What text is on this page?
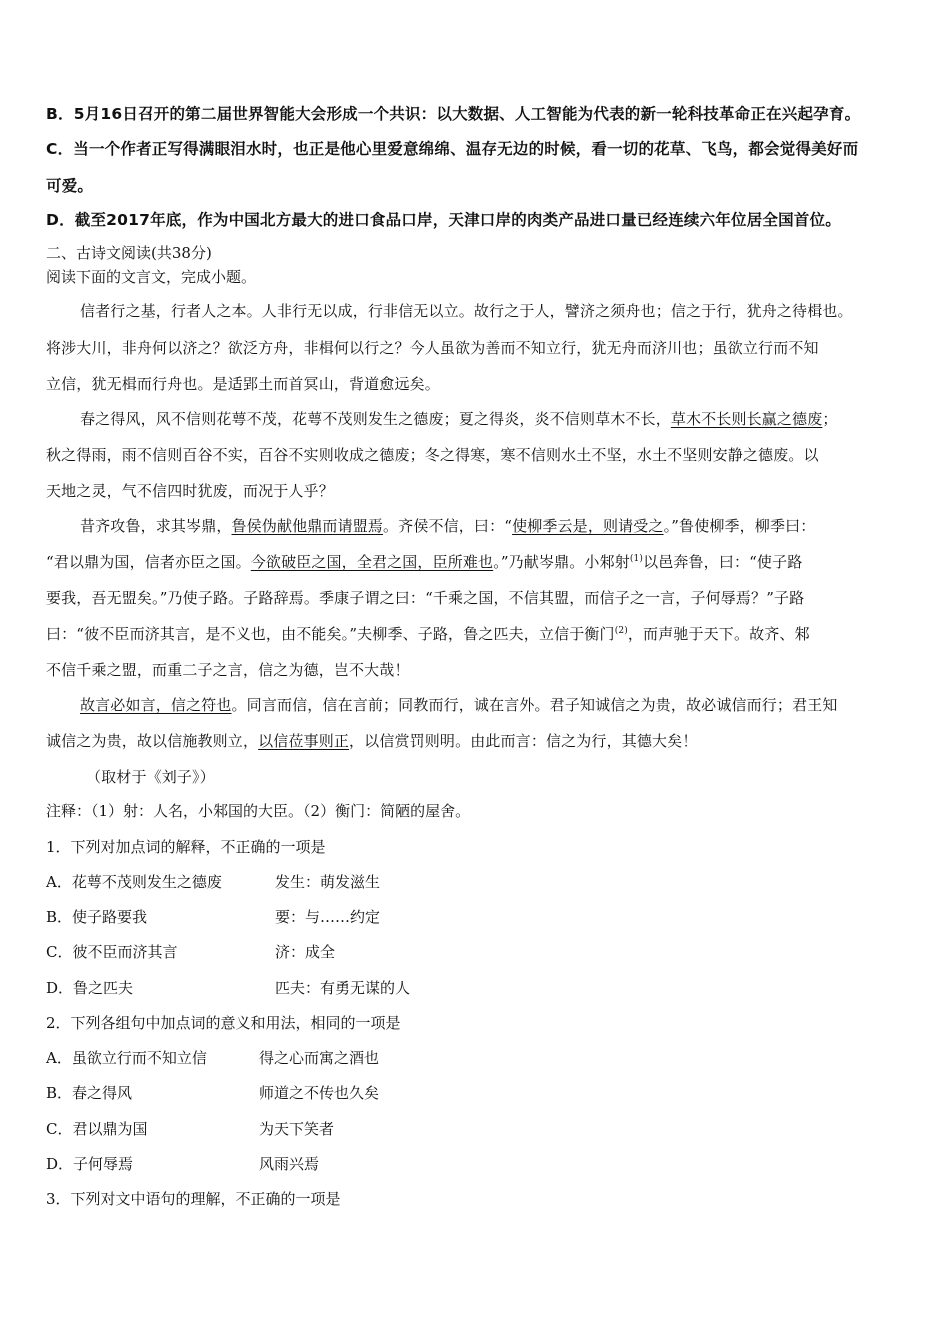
B．5月16日召开的第二届世界智能大会形成一个共识：以大数据、人工智能为代表的新一轮科技革命正在兴起孕育。
C．当一个作者正写得满眼泪水时，也正是他心里爱意绵绵、温存无边的时候，看一切的花草、飞鸟，都会觉得美好而
可爱。
D．截至2017年底，作为中国北方最大的进口食品口岸，天津口岸的肉类产品进口量已经连续六年位居全国首位。
二、古诗文阅读(共38分)
阅读下面的文言文，完成小题。
信者行之基，行者人之本。人非行无以成，行非信无以立。故行之于人，譬济之须舟也；信之于行，犹舟之待楫也。
将涉大川，非舟何以济之？欲泛方舟，非楫何以行之？今人虽欲为善而不知立行，犹无舟而济川也；虽欲立行而不知
立信，犹无楫而行舟也。是适郢土而首冥山，背道愈远矣。
春之得风，风不信则花萼不茂，花萼不茂则发生之德废；夏之得炎，炎不信则草木不长，草木不长则长赢之德废；
秋之得雨，雨不信则百谷不实，百谷不实则收成之德废；冬之得寒，寒不信则水土不坚，水土不坚则安静之德废。以
天地之灵，气不信四时犹废，而况于人乎？
昔齐攻鲁，求其岑鼎，鲁侯伪献他鼎而请盟焉。齐侯不信，曰：“使柳季云是，则请受之。”鲁使柳季，柳季曰：
“君以鼎为国，信者亦臣之国。今欲破臣之国，全君之国，臣所难也。”乃献岑鼎。小邾射$^{(1)}$以邑奔鲁，曰：“使子路
要我，吾无盟矣。”乃使子路。子路辞焉。季康子谓之曰：“千乘之国，不信其盟，而信子之一言，子何辱焉？”子路
曰：“彼不臣而济其言，是不义也，由不能矣。”夫柳季、子路，鲁之匹夫，立信于衡门$^{(2)}$，而声驰于天下。故齐、邾
不信千乘之盟，而重二子之言，信之为德，岂不大哉！
故言必如言，信之符也。同言而信，信在言前；同教而行，诚在言外。君子知诚信之为贵，故必诚信而行；君王知
诚信之为贵，故以信施教则立，以信莅事则正，以信赏罚则明。由此而言：信之为行，其德大矣！
（取材于《刘子》）
注释：（1）射：人名，小邾国的大臣。（2）衡门：简陋的屋舍。
1．下列对加点词的解释，不正确的一项是
A．花萼不茂则发生之德废	发生：萌发滋生
B．使子路要我	要：与……约定
C．彼不臣而济其言	济：成全
D．鲁之匹夫	匹夫：有勇无谋的人
2．下列各组句中加点词的意义和用法，相同的一项是
A．虽欲立行而不知立信	得之心而寓之酒也
B．春之得风	师道之不传也久矣
C．君以鼎为国	为天下笑者
D．子何辱焉	风雨兴焉
3．下列对文中语句的理解，不正确的一项是
